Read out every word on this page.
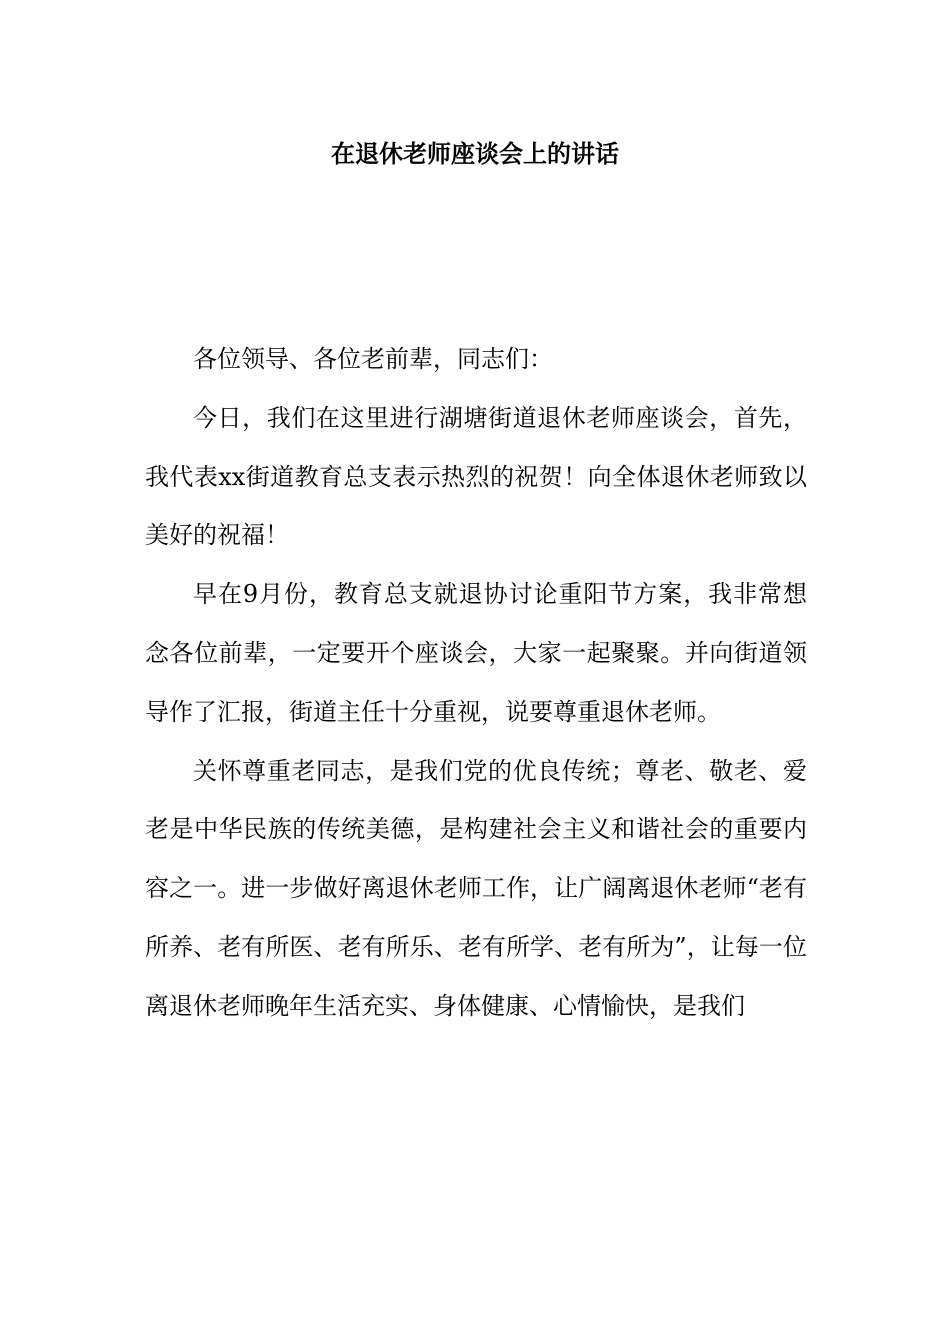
在退休老师座谈会上的讲话

各位领导、各位老前辈，同志们：

今日，我们在这里进行湖塘街道退休老师座谈会，首先，我代表xx街道教育总支表示热烈的祝贺！向全体退休老师致以美好的祝福！

早在9月份，教育总支就退协讨论重阳节方案，我非常想念各位前辈，一定要开个座谈会，大家一起聚聚。并向街道领导作了汇报，街道主任十分重视，说要尊重退休老师。

关怀尊重老同志，是我们党的优良传统；尊老、敬老、爱老是中华民族的传统美德，是构建社会主义和谐社会的重要内容之一。进一步做好离退休老师工作，让广阔离退休老师“老有所养、老有所医、老有所乐、老有所学、老有所为”，让每一位离退休老师晚年生活充实、身体健康、心情愉快，是我们
